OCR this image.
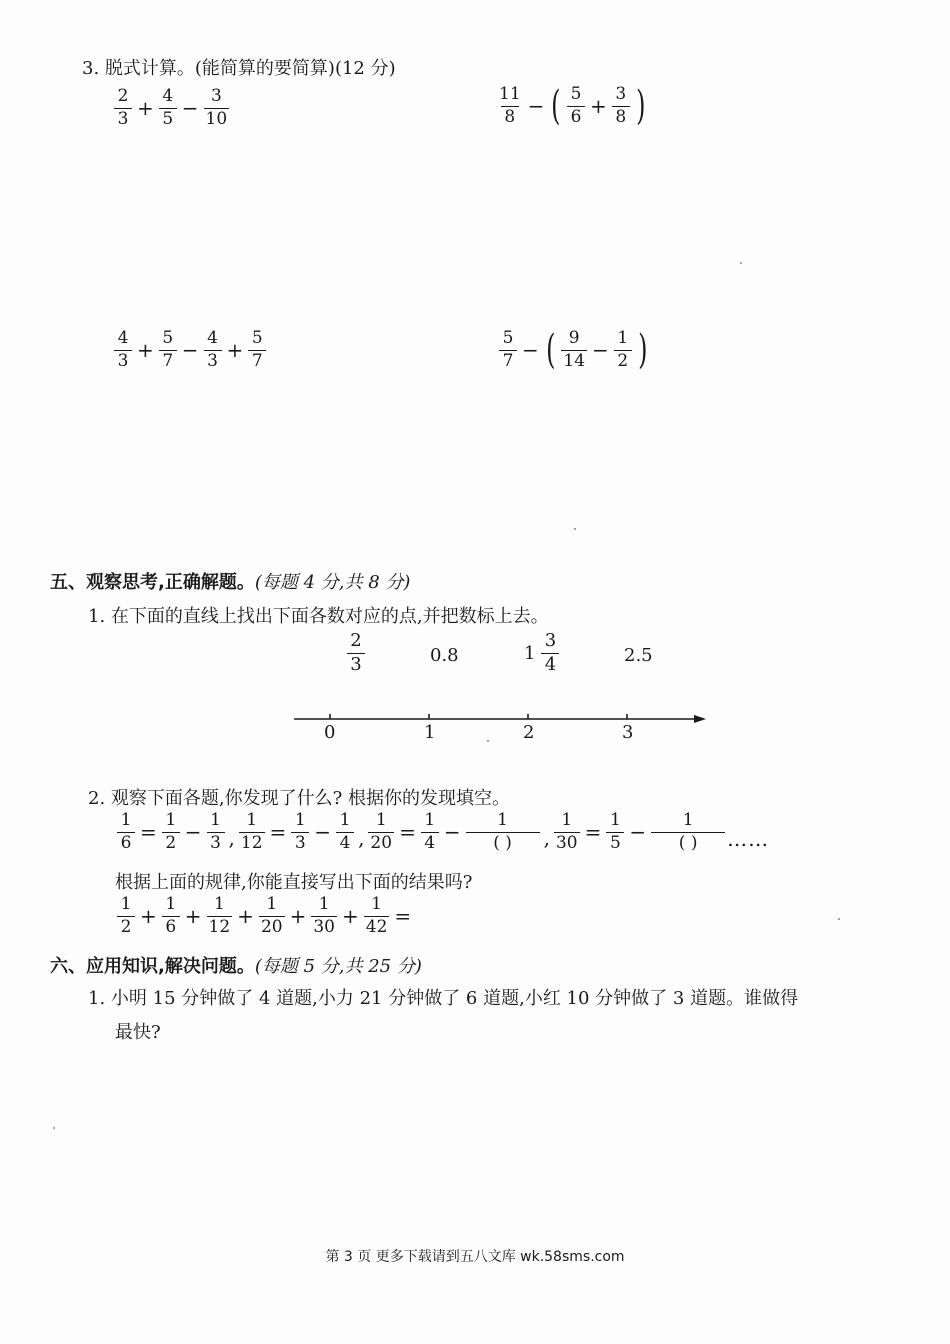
3. 脱式计算。(能简算的要简算)(12 分)
$\frac{2}{3} + \frac{4}{5} - \frac{3}{10}$	$\frac{11}{8}$ − ( $\frac{5}{6} + \frac{3}{8}$ )
$\frac{4}{3} + \frac{5}{7} - \frac{4}{3} + \frac{5}{7}$	$\frac{5}{7}$ − ( $\frac{9}{14} - \frac{1}{2}$ )
五、观察思考,正确解题。(每题 4 分,共 8 分)
1. 在下面的直线上找出下面各数对应的点,并把数标上去。
$\frac{2}{3}$	0.8	$1 \frac{3}{4}$	2.5
0	1	2	3
2. 观察下面各题,你发现了什么? 根据你的发现填空。
$\frac{1}{6} = \frac{1}{2} - \frac{1}{3}$ , $\frac{1}{12} = \frac{1}{3} - \frac{1}{4}$ , $\frac{1}{20} = \frac{1}{4} - \frac{1}{( )}$ , $\frac{1}{30} = \frac{1}{5} - \frac{1}{( )}$ ……
根据上面的规律,你能直接写出下面的结果吗?
$\frac{1}{2} + \frac{1}{6} + \frac{1}{12} + \frac{1}{20} + \frac{1}{30} + \frac{1}{42}$ =
六、应用知识,解决问题。(每题 5 分,共 25 分)
1. 小明 15 分钟做了 4 道题,小力 21 分钟做了 6 道题,小红 10 分钟做了 3 道题。谁做得
最快?
第 3 页 更多下载请到五八文库 wk.58sms.com
